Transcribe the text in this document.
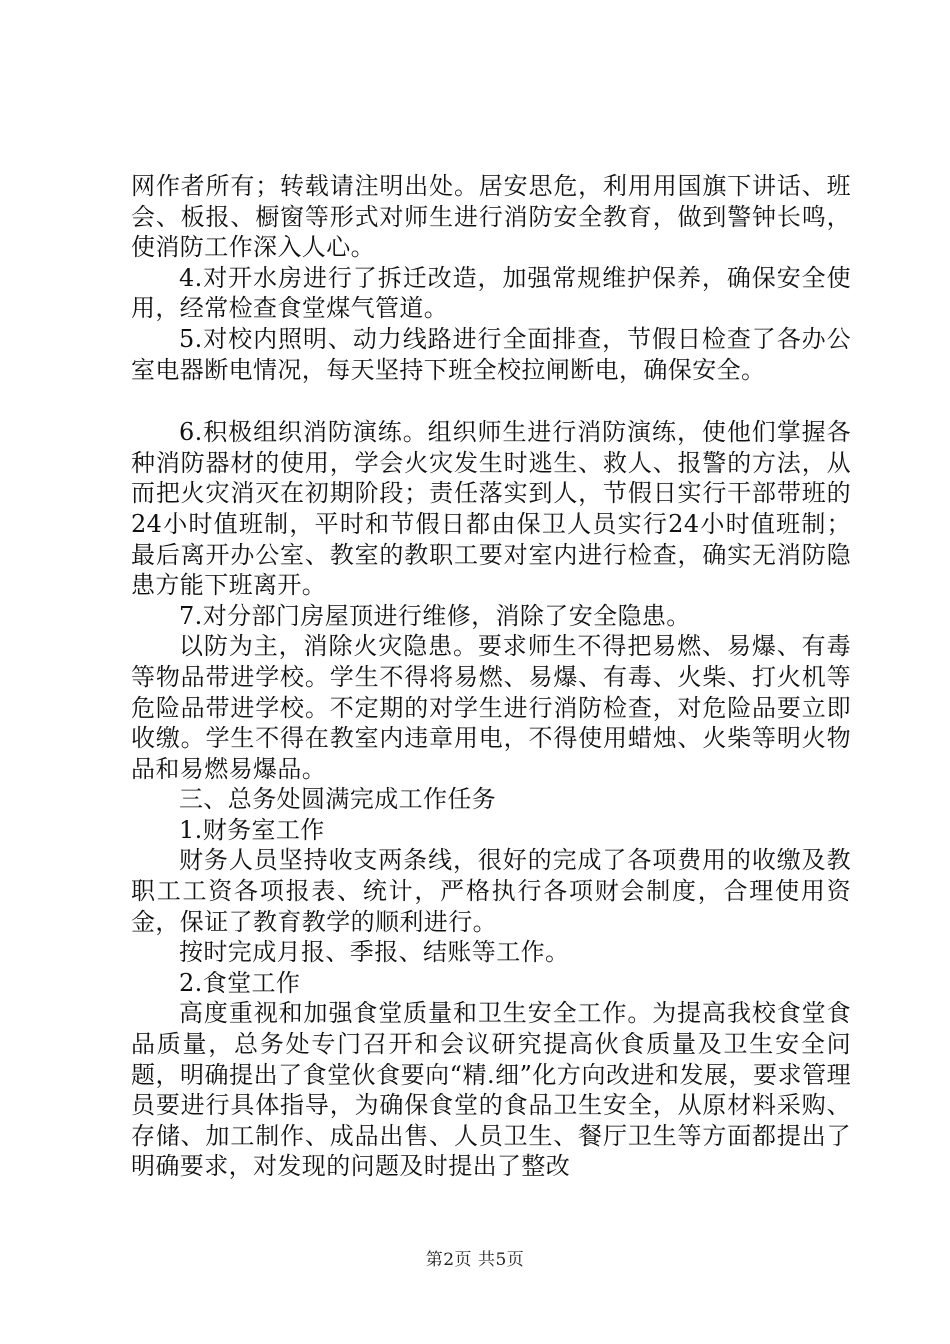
网作者所有；转载请注明出处。居安思危，利用用国旗下讲话、班会、板报、橱窗等形式对师生进行消防安全教育，做到警钟长鸣，使消防工作深入人心。

4.对开水房进行了拆迁改造，加强常规维护保养，确保安全使用，经常检查食堂煤气管道。

5.对校内照明、动力线路进行全面排查，节假日检查了各办公室电器断电情况，每天坚持下班全校拉闸断电，确保安全。

6.积极组织消防演练。组织师生进行消防演练，使他们掌握各种消防器材的使用，学会火灾发生时逃生、救人、报警的方法，从而把火灾消灭在初期阶段；责任落实到人，节假日实行干部带班的24小时值班制，平时和节假日都由保卫人员实行24小时值班制；最后离开办公室、教室的教职工要对室内进行检查，确实无消防隐患方能下班离开。

7.对分部门房屋顶进行维修，消除了安全隐患。

以防为主，消除火灾隐患。要求师生不得把易燃、易爆、有毒等物品带进学校。学生不得将易燃、易爆、有毒、火柴、打火机等危险品带进学校。不定期的对学生进行消防检查，对危险品要立即收缴。学生不得在教室内违章用电，不得使用蜡烛、火柴等明火物品和易燃易爆品。

三、总务处圆满完成工作任务

1.财务室工作

财务人员坚持收支两条线，很好的完成了各项费用的收缴及教职工工资各项报表、统计，严格执行各项财会制度，合理使用资金，保证了教育教学的顺利进行。

按时完成月报、季报、结账等工作。

2.食堂工作

高度重视和加强食堂质量和卫生安全工作。为提高我校食堂食品质量，总务处专门召开和会议研究提高伙食质量及卫生安全问题，明确提出了食堂伙食要向“精.细”化方向改进和发展，要求管理员要进行具体指导，为确保食堂的食品卫生安全，从原材料采购、存储、加工制作、成品出售、人员卫生、餐厅卫生等方面都提出了明确要求，对发现的问题及时提出了整改

第2页 共5页
